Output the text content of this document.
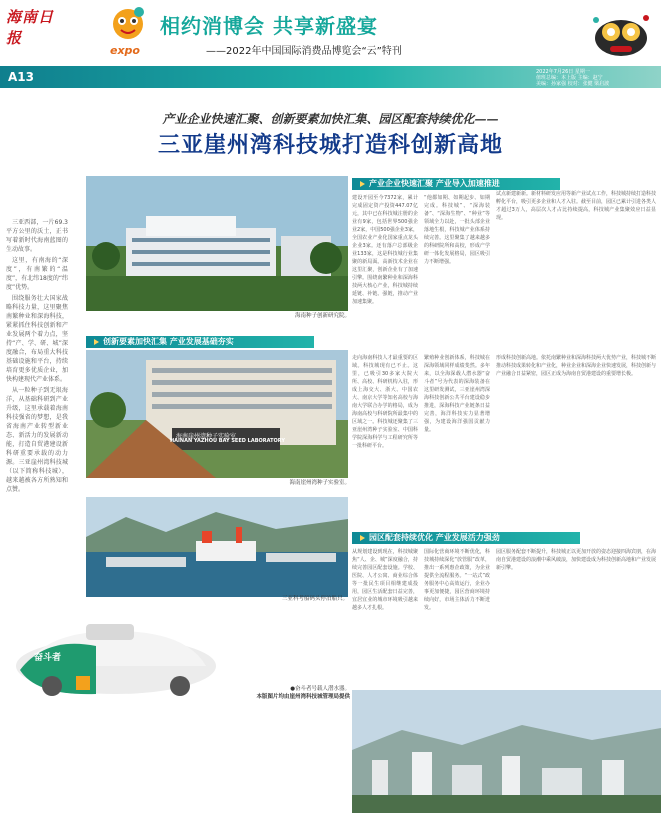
海南日报
expo
相约消博会 共享新盛宴
——2022年中国国际消费品博览会“云”特刊
A13	2022年7月26日 星期一
值班总编：本上版 主编：赵宁
美编：孙家强 校对：张健 梁启波
产业企业快速汇聚、创新要素加快汇集、园区配套持续优化——
三亚崖州湾科技城打造科创新高地

三亚西部，一片69.3平方公里的沃土，正书写着新时代海南蓝图的生动故事。

这里，有南海的“深度”，有南繁的“温度”，有北纬18度的“纬度”优势。

围绕服务壮大国家战略科技力量，这里聚焦南繁种业和深海科技，紧紧抓住科技创新和产业发展两个着力点，坚持“产、学、研、城”深度融合，布局重大科技基础设施和平台，持续培育更多优质企业，加快构建现代产业体系。

从一粒种子到无垠海洋，从基础科研到产业升级，这里承载着海南科技强省的梦想，是我省海南产业转型新业态、新活力的发展新动能，打造自贸港建设新科研重要承载的动力源。三亚崖州湾科技城（以下简称科技城），越来越被各方所熟知和点赞。

海南种子创新研究院。
产业企业快速汇聚 产业导入加速推进
建设开园至今7372家，累计完成固定资产投资447.07亿元，其中已在科技城注册的企业有9家，包括世界500强企业2家，中国500强企业3家，全国农业产业化国家重点龙头企业3家。还有落户总部级企业133家，这是科技城行业集聚的新局面。高新技术企业在这里汇聚，创新企业有了加速引擎。围绕南繁种业和深海科技两大核心产业，科技城持续延链、补链、强链，推动产业加速集聚。
“他都如期、如期起步、如期完成。科技城”、“深海装备”、“深海生物”、“种业”等领域全力以赴，一批头部企业落地生根，科技城产业体系持续完善。这里聚集了越来越多的科研院所和高校，形成产学研一体化发展格局，园区吸引力不断增强。
试点新建新新。新材料研发应用等新产业试点工作，科技城持续打造科技孵化平台，吸引更多企业和人才入驻。截至目前，园区已累计引进各类人才超过3万人，高层次人才占比持续提高，科技城产业集聚效应日益显现。
创新要素加快汇集 产业发展基础夯实
海南崖州湾种子实验室
HAINAN YAZHOU BAY SEED LABORATORY
海南崖州湾种子实验室。
走向海南科技人才最重要的区域。科技城现有已不止。这里，已吸引30多家大院大所、高校、科研机构入驻，形成上海交大、浙大、中国农大、南京大学等知名高校与海南大学联合办学的格局，成为海南高校与科研院所最集中的区域之一。科技城还聚集了三亚崖州湾种子实验室、中国科学院深海科学与工程研究所等一批科研平台。
繁殖种业创新体系，科技城在深海领域同样成绩斐然。多年来，以全海深载人潜水器“奋斗者”号为代表的深海装备在这里研发测试，三亚崖州湾深海科技创新公共平台建设稳步推进，深海科技产业链条日益完善，海洋科技实力显著增强，为建设海洋强国贡献力量。
形成科技创新高地。依托南繁种业和深海科技两大优势产业，科技城不断推动科技成果转化和产业化，种业企业和深海企业快速发展，科技创新与产业融合日益紧密，园区正成为海南自贸港建设的重要增长极。
园区配套持续优化 产业发展活力强劲
三亚科考船码头停泊船只。
奋斗者
●奋斗者号载人潜水器。
本版图片均由崖州湾科技城管理局提供
从规划建设到现在，科技城聚焦“人、企、城”深度融合，持续完善园区配套设施。学校、医院、人才公寓、商业综合体等一批民生项目相继建成投用，园区生活配套日益完善，宜居宜业的城市环境吸引越来越多人才扎根。
国际化营商环境不断优化，科技城持续深化“放管服”改革，推出一系列惠企政策，为企业提供全流程服务。“一站式”政务服务中心高效运行，企业办事更加便捷，园区营商环境持续向好，市场主体活力不断迸发。
园区服务配套不断提升，科技城正以更加开放的姿态迎接四海宾朋，在海南自贸港建设的浪潮中乘风破浪，加快建设成为科技创新高地和产业发展新引擎。
